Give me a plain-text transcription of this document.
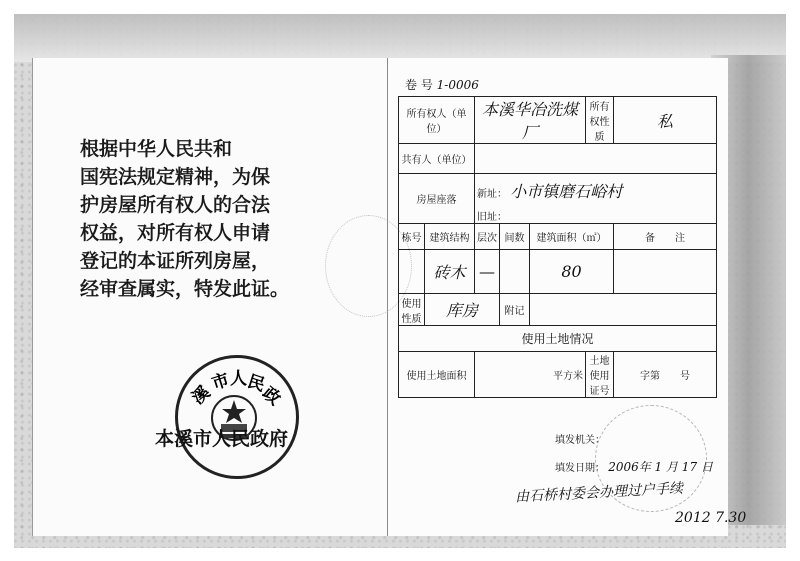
根据中华人民共和
国宪法规定精神，为保
护房屋所有权人的合法
权益，对所有权人申请
登记的本证所列房屋，
经审查属实，特发此证。
溪
市
人
民
政
本溪市人民政府
卷 号 1-0006
所有权人（单位）		本溪华冶洗煤厂			所有权性质	私
共有人（单位）						
房屋座落		新址： 小市镇磨石峪村
旧址：				

栋号	建筑结构	层次	间数	建筑面积（㎡）		备　　注
	砖木	—		80		
使用性质	库房		附记			
使用土地情况						
使用土地面积		平方米			土地使用证号	字第　　号
填发机关：
填发日期： 2006年 1 月 17 日
由石桥村委会办理过户手续
2012 7.30
